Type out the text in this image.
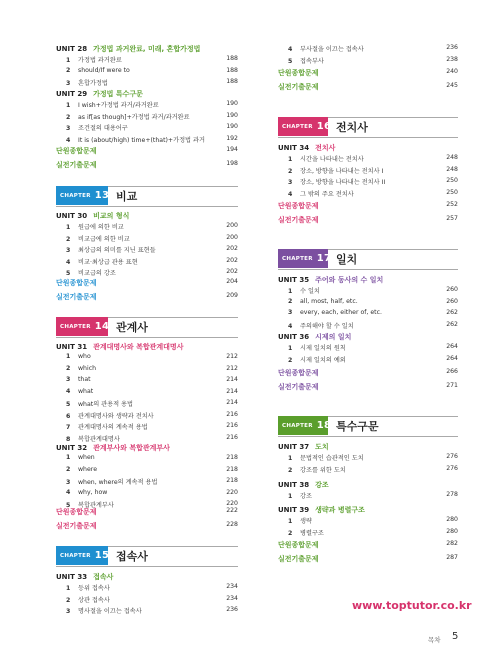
UNIT 28 가정법 과거완료, 미래, 혼합가정법
1 가정법 과거완료	188
2 should/If were to	188
3 혼합가정법	188
UNIT 29 가정법 특수구문
1 I wish+가정법 과거/과거완료	190
2 as if[as though]+가정법 과거/과거완료	190
3 조건절의 대용어구	190
4 It is (about/high) time+(that)+가정법 과거	192
단원종합문제	194
실전기출문제	198
CHAPTER 13 비교
UNIT 30 비교의 형식
1 원급에 의한 비교	200
2 비교급에 의한 비교	200
3 최상급의 의미를 지닌 표현들	202
4 비교·최상급 관용 표현	202
5 비교급의 강조	202
단원종합문제	204
실전기출문제	209
CHAPTER 14 관계사
UNIT 31 관계대명사와 복합관계대명사
1 who	212
2 which	212
3 that	214
4 what	214
5 what의 관용적 용법	214
6 관계대명사와 생략과 전치사	216
7 관계대명사의 계속적 용법	216
8 복합관계대명사	216
UNIT 32 관계부사와 복합관계부사
1 when	218
2 where	218
3 when, where의 계속적 용법	218
4 why, how	220
5 복합관계부사	220
단원종합문제	222
실전기출문제	228
CHAPTER 15 접속사
UNIT 33 접속사
1 등위 접속사	234
2 상관 접속사	234
3 명사절을 이끄는 접속사	236
4 부사절을 이끄는 접속사	236
5 접속부사	238
단원종합문제	240
실전기출문제	245
CHAPTER 16 전치사
UNIT 34 전치사
1 시간을 나타내는 전치사	248
2 장소, 방향을 나타내는 전치사 I	248
3 장소, 방향을 나타내는 전치사 II	250
4 그 밖의 주요 전치사	250
단원종합문제	252
실전기출문제	257
CHAPTER 17 일치
UNIT 35 주어와 동사의 수 일치
1 수 일치	260
2 all, most, half, etc.	260
3 every, each, either of, etc.	262
4 주의해야 할 수 일치	262
UNIT 36 시제의 일치
1 시제 일치의 원칙	264
2 시제 일치의 예외	264
단원종합문제	266
실전기출문제	271
CHAPTER 18 특수구문
UNIT 37 도치
1 문법적인 습관적인 도치	276
2 강조를 위한 도치	276
UNIT 38 강조
1 강조	278
UNIT 39 생략과 병렬구조
1 생략	280
2 병렬구조	280
단원종합문제	282
실전기출문제	287
www.toptutor.co.kr
목차 5
